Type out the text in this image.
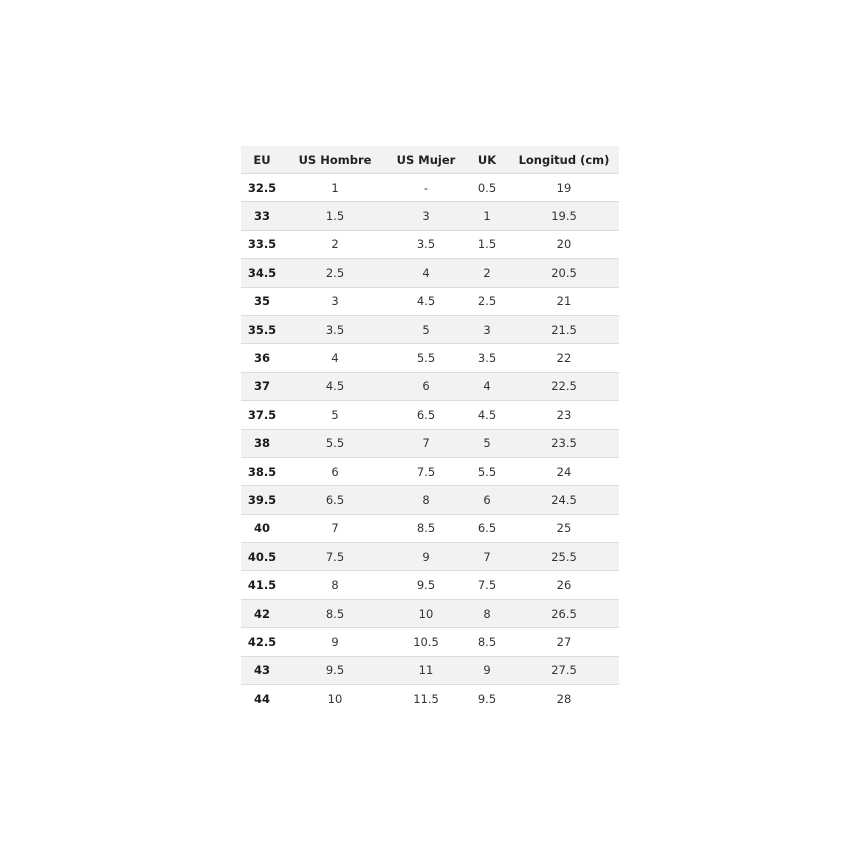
EU	US Hombre	US Mujer	UK	Longitud (cm)
32.5	1	-	0.5	19
33	1.5	3	1	19.5
33.5	2	3.5	1.5	20
34.5	2.5	4	2	20.5
35	3	4.5	2.5	21
35.5	3.5	5	3	21.5
36	4	5.5	3.5	22
37	4.5	6	4	22.5
37.5	5	6.5	4.5	23
38	5.5	7	5	23.5
38.5	6	7.5	5.5	24
39.5	6.5	8	6	24.5
40	7	8.5	6.5	25
40.5	7.5	9	7	25.5
41.5	8	9.5	7.5	26
42	8.5	10	8	26.5
42.5	9	10.5	8.5	27
43	9.5	11	9	27.5
44	10	11.5	9.5	28
